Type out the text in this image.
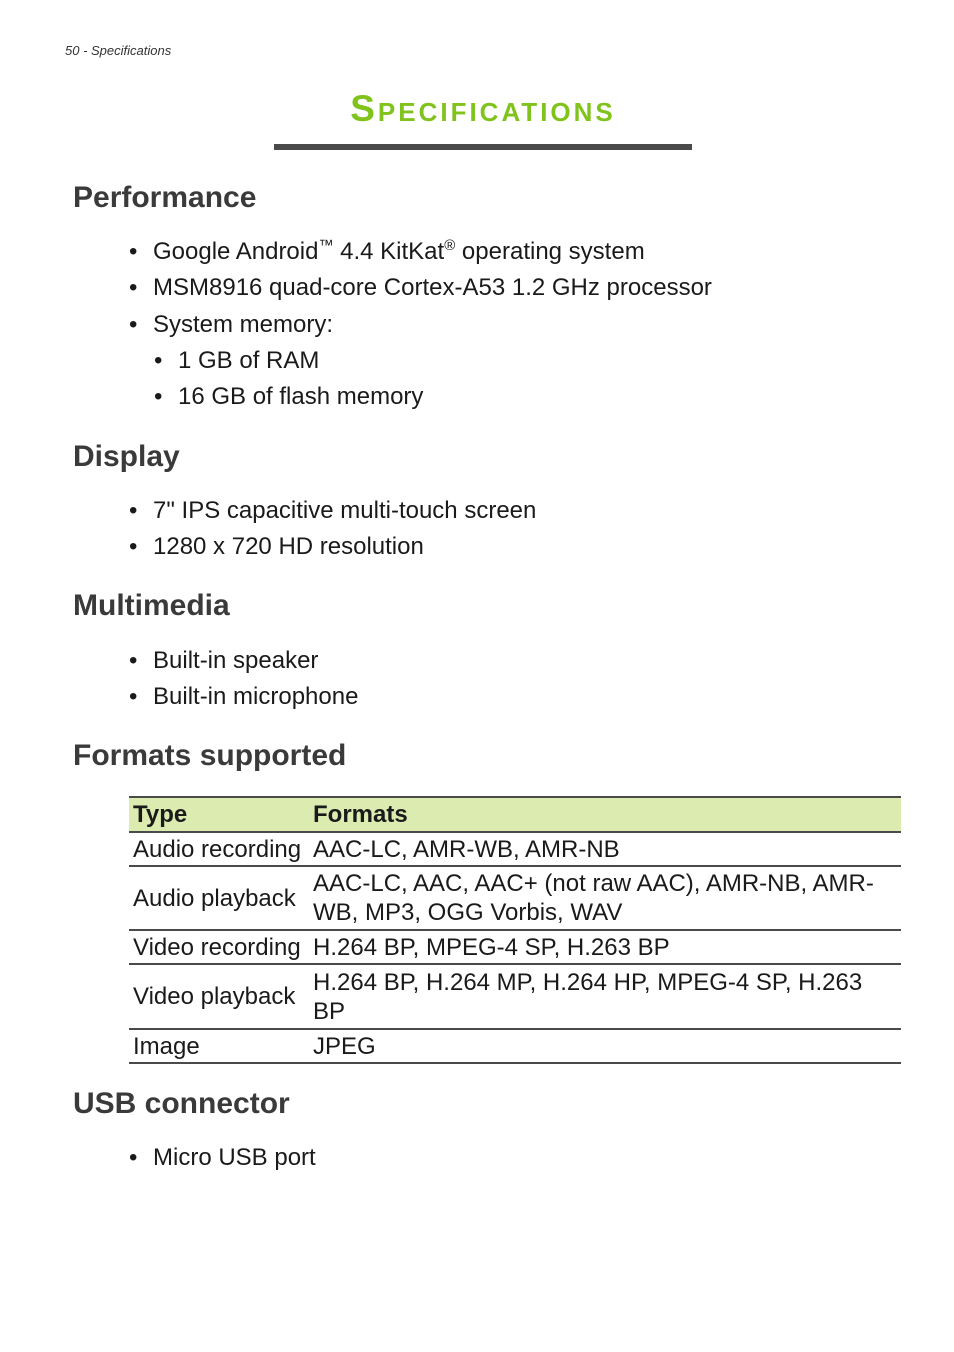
50 - Specifications
Specifications
Performance
• Google Android™ 4.4 KitKat® operating system
• MSM8916 quad-core Cortex-A53 1.2 GHz processor
• System memory:
• 1 GB of RAM
• 16 GB of flash memory
Display
• 7" IPS capacitive multi-touch screen
• 1280 x 720 HD resolution
Multimedia
• Built-in speaker
• Built-in microphone
Formats supported
Type	Formats
Audio recording AAC-LC, AMR-WB, AMR-NB
Audio playback
AAC-LC, AAC, AAC+ (not raw AAC), AMR-NB, AMR-WB, MP3, OGG Vorbis, WAV
Video recording H.264 BP, MPEG-4 SP, H.263 BP
Video playback
H.264 BP, H.264 MP, H.264 HP, MPEG-4 SP, H.263 BP
Image	JPEG
USB connector
• Micro USB port
